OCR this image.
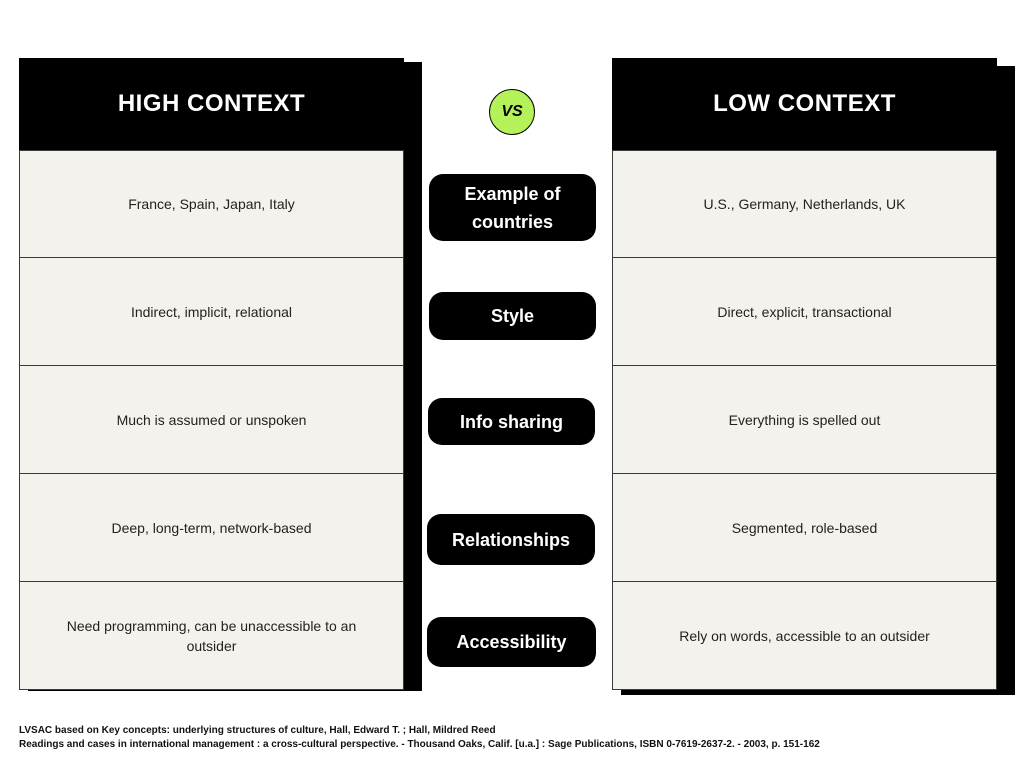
HIGH CONTEXT
France, Spain, Japan, Italy
Indirect, implicit, relational
Much is assumed or unspoken
Deep, long-term, network-based
Need programming, can be unaccessible to an outsider
LOW CONTEXT
U.S., Germany, Netherlands, UK
Direct, explicit, transactional
Everything is spelled out
Segmented, role-based
Rely on words, accessible to an outsider
VS
Example of countries
Style
Info sharing
Relationships
Accessibility
LVSAC based on Key concepts: underlying structures of culture, Hall, Edward T. ; Hall, Mildred Reed
Readings and cases in international management : a cross-cultural perspective. - Thousand Oaks, Calif. [u.a.] : Sage Publications, ISBN 0-7619-2637-2. - 2003, p. 151-162
